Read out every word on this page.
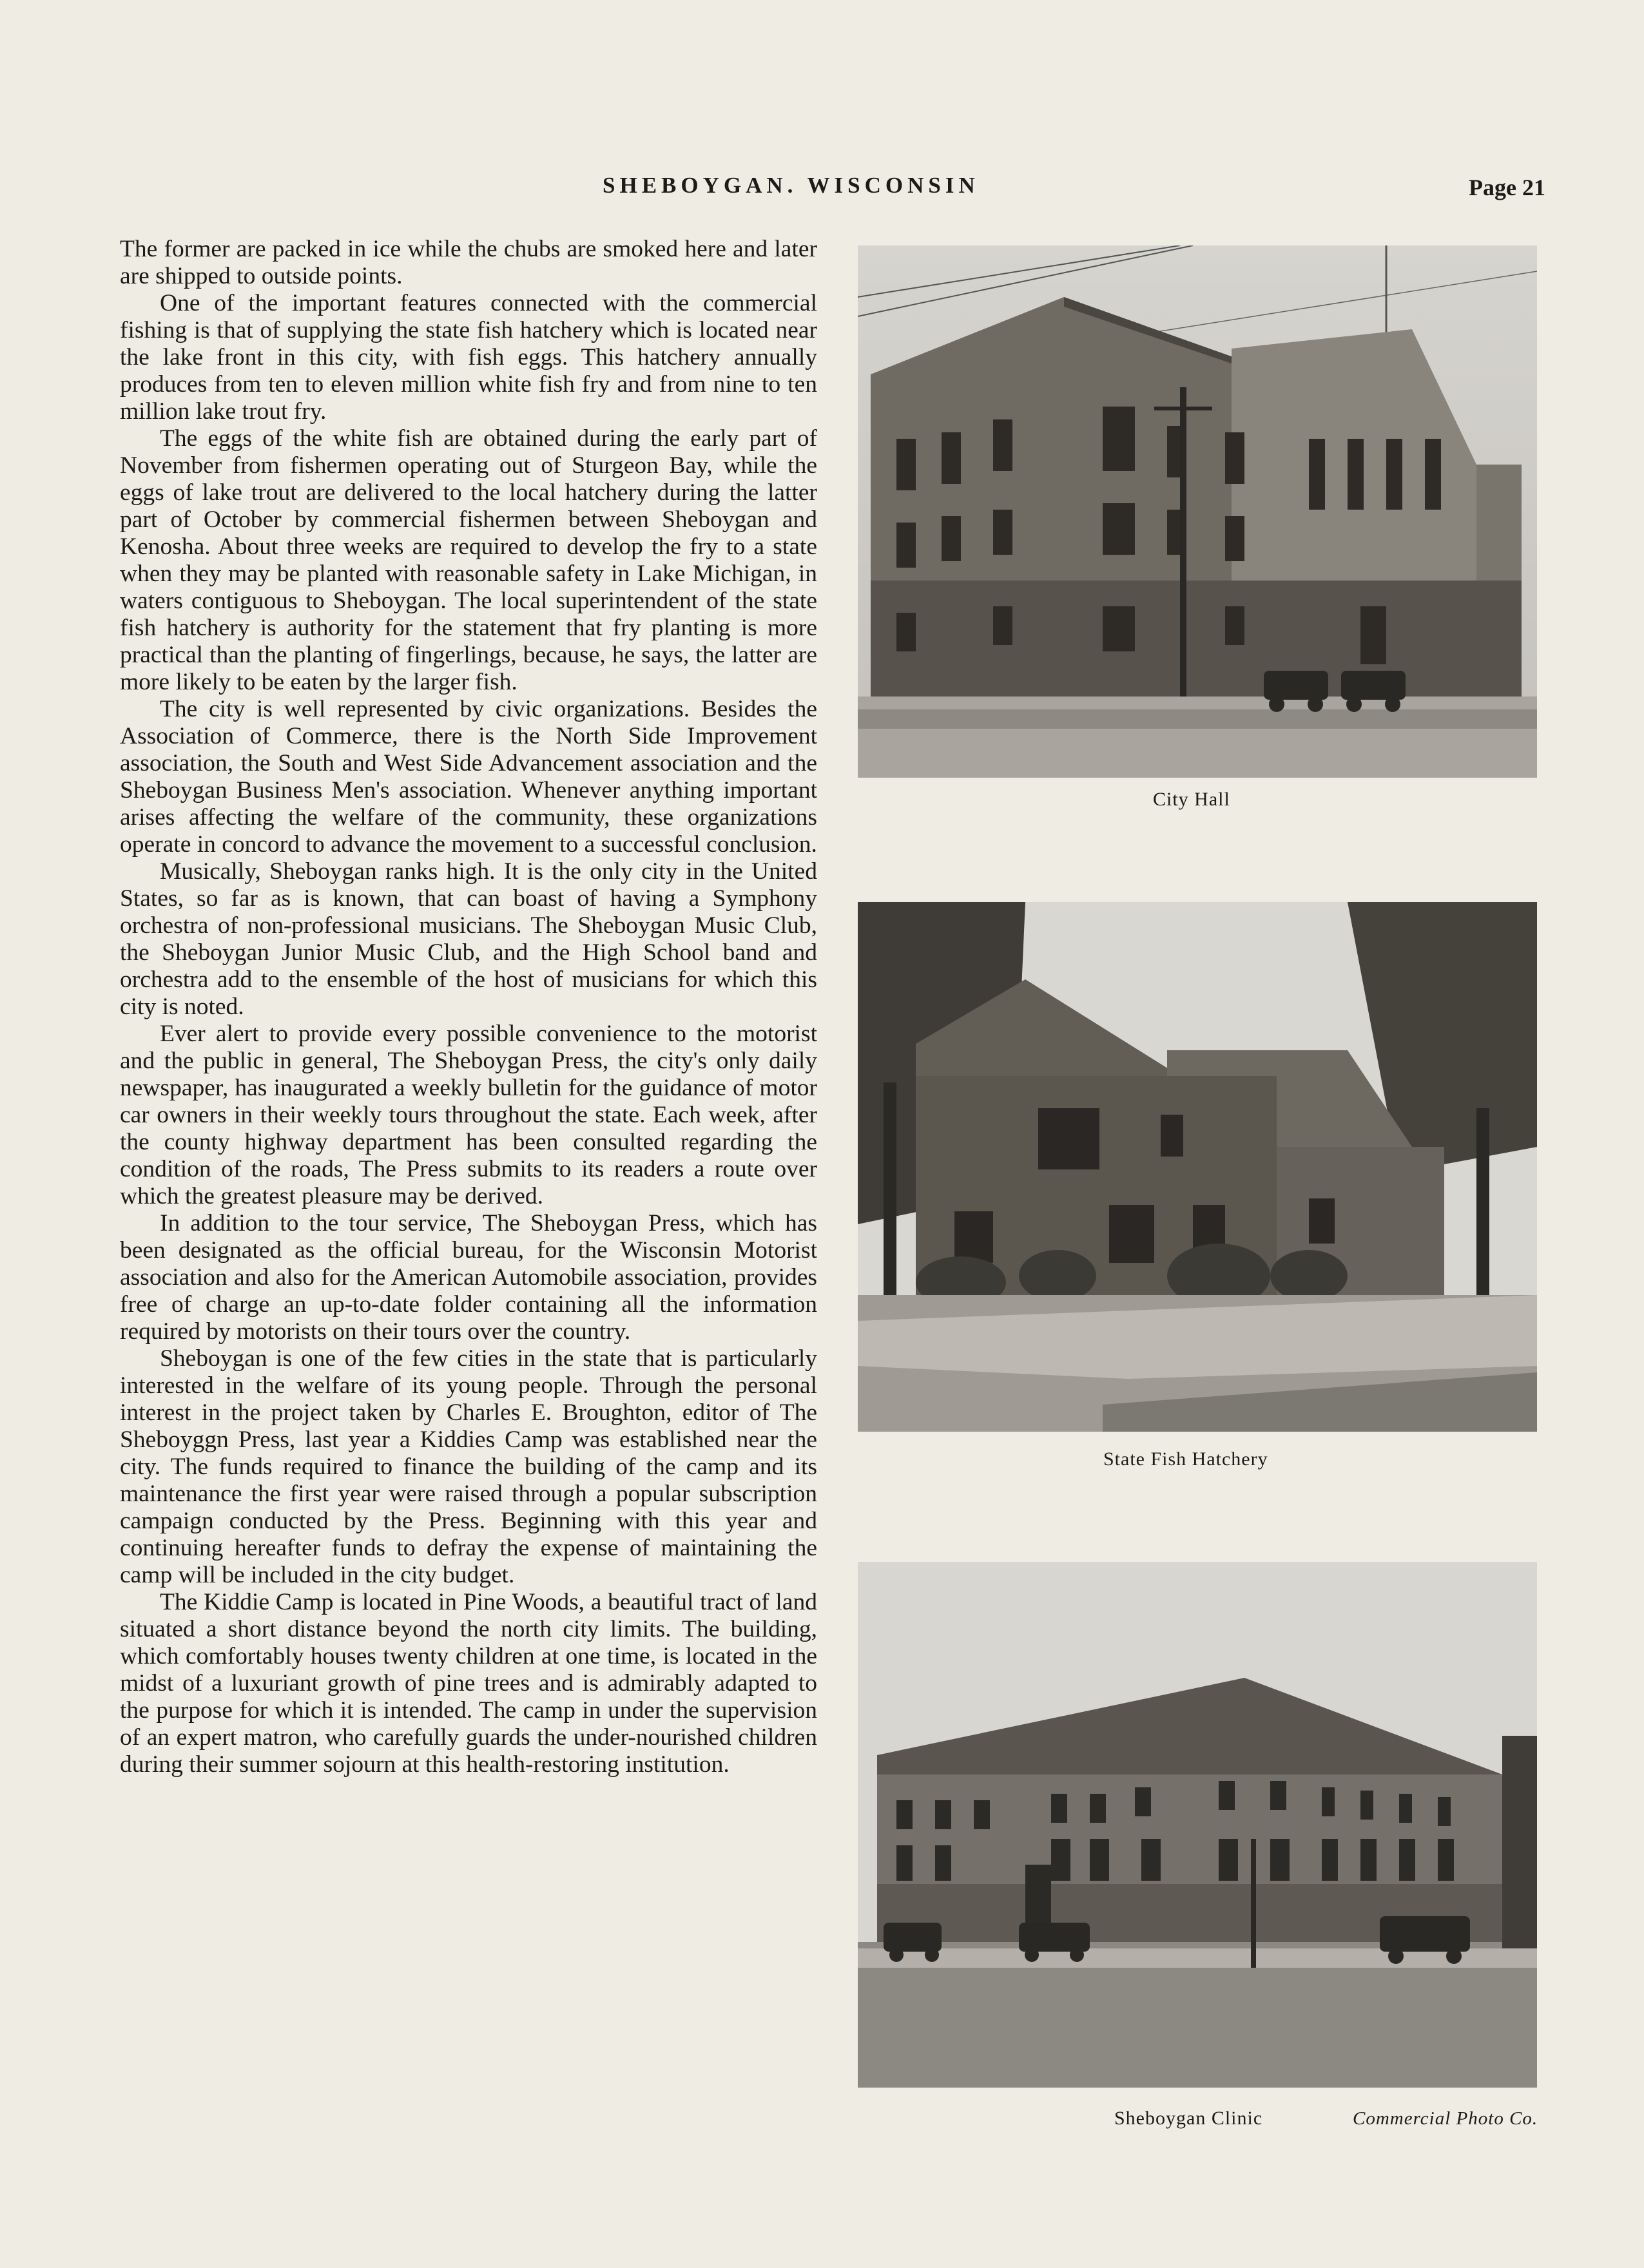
SHEBOYGAN. WISCONSIN	Page 21

The former are packed in ice while the chubs are smoked here and later are shipped to outside points.

One of the important features connected with the commercial fishing is that of supplying the state fish hatchery which is located near the lake front in this city, with fish eggs. This hatchery annually produces from ten to eleven million white fish fry and from nine to ten million lake trout fry.

The eggs of the white fish are obtained during the early part of November from fishermen operating out of Sturgeon Bay, while the eggs of lake trout are delivered to the local hatchery during the latter part of October by commercial fishermen between Sheboygan and Kenosha. About three weeks are required to develop the fry to a state when they may be planted with reasonable safety in Lake Michigan, in waters contiguous to Sheboygan. The local superintendent of the state fish hatchery is authority for the statement that fry planting is more practical than the planting of fingerlings, because, he says, the latter are more likely to be eaten by the larger fish.

The city is well represented by civic organizations. Besides the Association of Commerce, there is the North Side Improvement association, the South and West Side Advancement association and the Sheboygan Business Men's association. Whenever anything important arises affecting the welfare of the community, these organizations operate in concord to advance the movement to a successful conclusion.

Musically, Sheboygan ranks high. It is the only city in the United States, so far as is known, that can boast of having a Symphony orchestra of non-professional musicians. The Sheboygan Music Club, the Sheboygan Junior Music Club, and the High School band and orchestra add to the ensemble of the host of musicians for which this city is noted.

Ever alert to provide every possible convenience to the motorist and the public in general, The Sheboygan Press, the city's only daily newspaper, has inaugurated a weekly bulletin for the guidance of motor car owners in their weekly tours throughout the state. Each week, after the county highway department has been consulted regarding the condition of the roads, The Press submits to its readers a route over which the greatest pleasure may be derived.

In addition to the tour service, The Sheboygan Press, which has been designated as the official bureau, for the Wisconsin Motorist association and also for the American Automobile association, provides free of charge an up-to-date folder containing all the information required by motorists on their tours over the country.

Sheboygan is one of the few cities in the state that is particularly interested in the welfare of its young people. Through the personal interest in the project taken by Charles E. Broughton, editor of The Sheboyggn Press, last year a Kiddies Camp was established near the city. The funds required to finance the building of the camp and its maintenance the first year were raised through a popular subscription campaign conducted by the Press. Beginning with this year and continuing hereafter funds to defray the expense of maintaining the camp will be included in the city budget.

The Kiddie Camp is located in Pine Woods, a beautiful tract of land situated a short distance beyond the north city limits. The building, which comfortably houses twenty children at one time, is located in the midst of a luxuriant growth of pine trees and is admirably adapted to the purpose for which it is intended. The camp in under the supervision of an expert matron, who carefully guards the under-nourished children during their summer sojourn at this health-restoring institution.

City Hall
State Fish Hatchery
Sheboygan Clinic	Commercial Photo Co.
